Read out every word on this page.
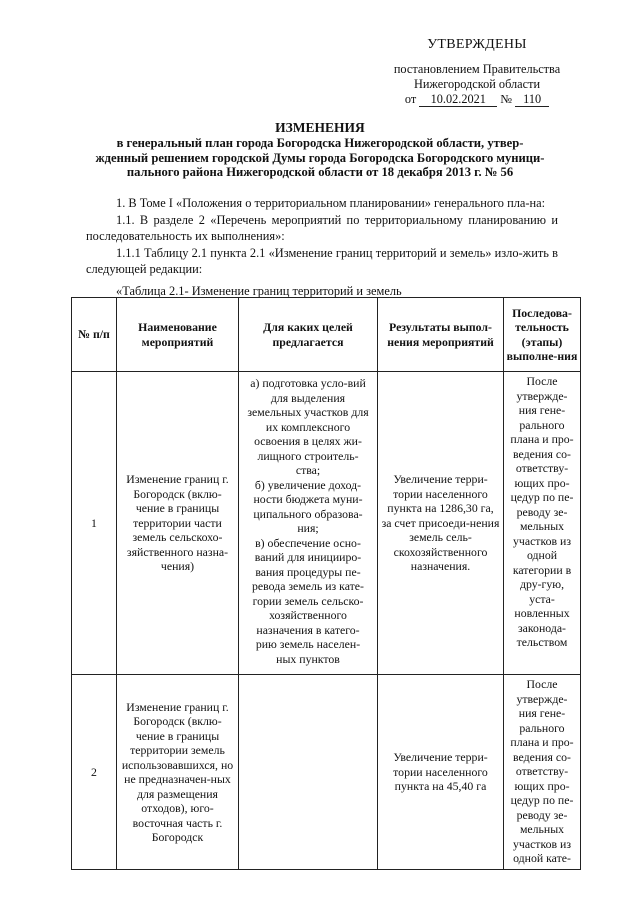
УТВЕРЖДЕНЫ
постановлением Правительства
Нижегородской области
от 10.02.2021 № 110
ИЗМЕНЕНИЯ
в генеральный план города Богородска Нижегородской области, утвер-
жденный решением городской Думы города Богородска Богородского муници-
пального района Нижегородской области от 18 декабря 2013 г. № 56

1. В Томе I «Положения о территориальном планировании» генерального пла-на:

1.1. В разделе 2 «Перечень мероприятий по территориальному планированию и последовательность их выполнения»:

1.1.1 Таблицу 2.1 пункта 2.1 «Изменение границ территорий и земель» изло-жить в следующей редакции:

«Таблица 2.1- Изменение границ территорий и земель
№ п/п	Наименование мероприятий	Для каких целей предлагается	Результаты выпол-нения мероприятий	Последова-тельность (этапы) выполне-ния
1	Изменение границ г. Богородск (вклю-чение в границы территории части земель сельскохо-зяйственного назна-чения)	а) подготовка усло-вий для выделения земельных участков для их комплексного освоения в целях жи-лищного строитель-ства;
б) увеличение доход-ности бюджета муни-ципального образова-ния;
в) обеспечение осно-ваний для иницииро-вания процедуры пе-ревода земель из кате-гории земель сельско-хозяйственного назначения в катего-рию земель населен-ных пунктов	Увеличение терри-тории населенного пункта на 1286,30 га, за счет присоеди-нения земель сель-скохозяйственного назначения.	После утвержде-ния гене-рального плана и про-ведения со-ответству-ющих про-цедур по пе-реводу зе-мельных участков из одной категории в дру-гую, уста-новленных законода-тельством
2	Изменение границ г. Богородск (вклю-чение в границы территории земель использовавшихся, но не предназначен-ных для размещения отходов), юго-восточная часть г. Богородск		Увеличение терри-тории населенного пункта на 45,40 га	После утвержде-ния гене-рального плана и про-ведения со-ответству-ющих про-цедур по пе-реводу зе-мельных участков из одной кате-
